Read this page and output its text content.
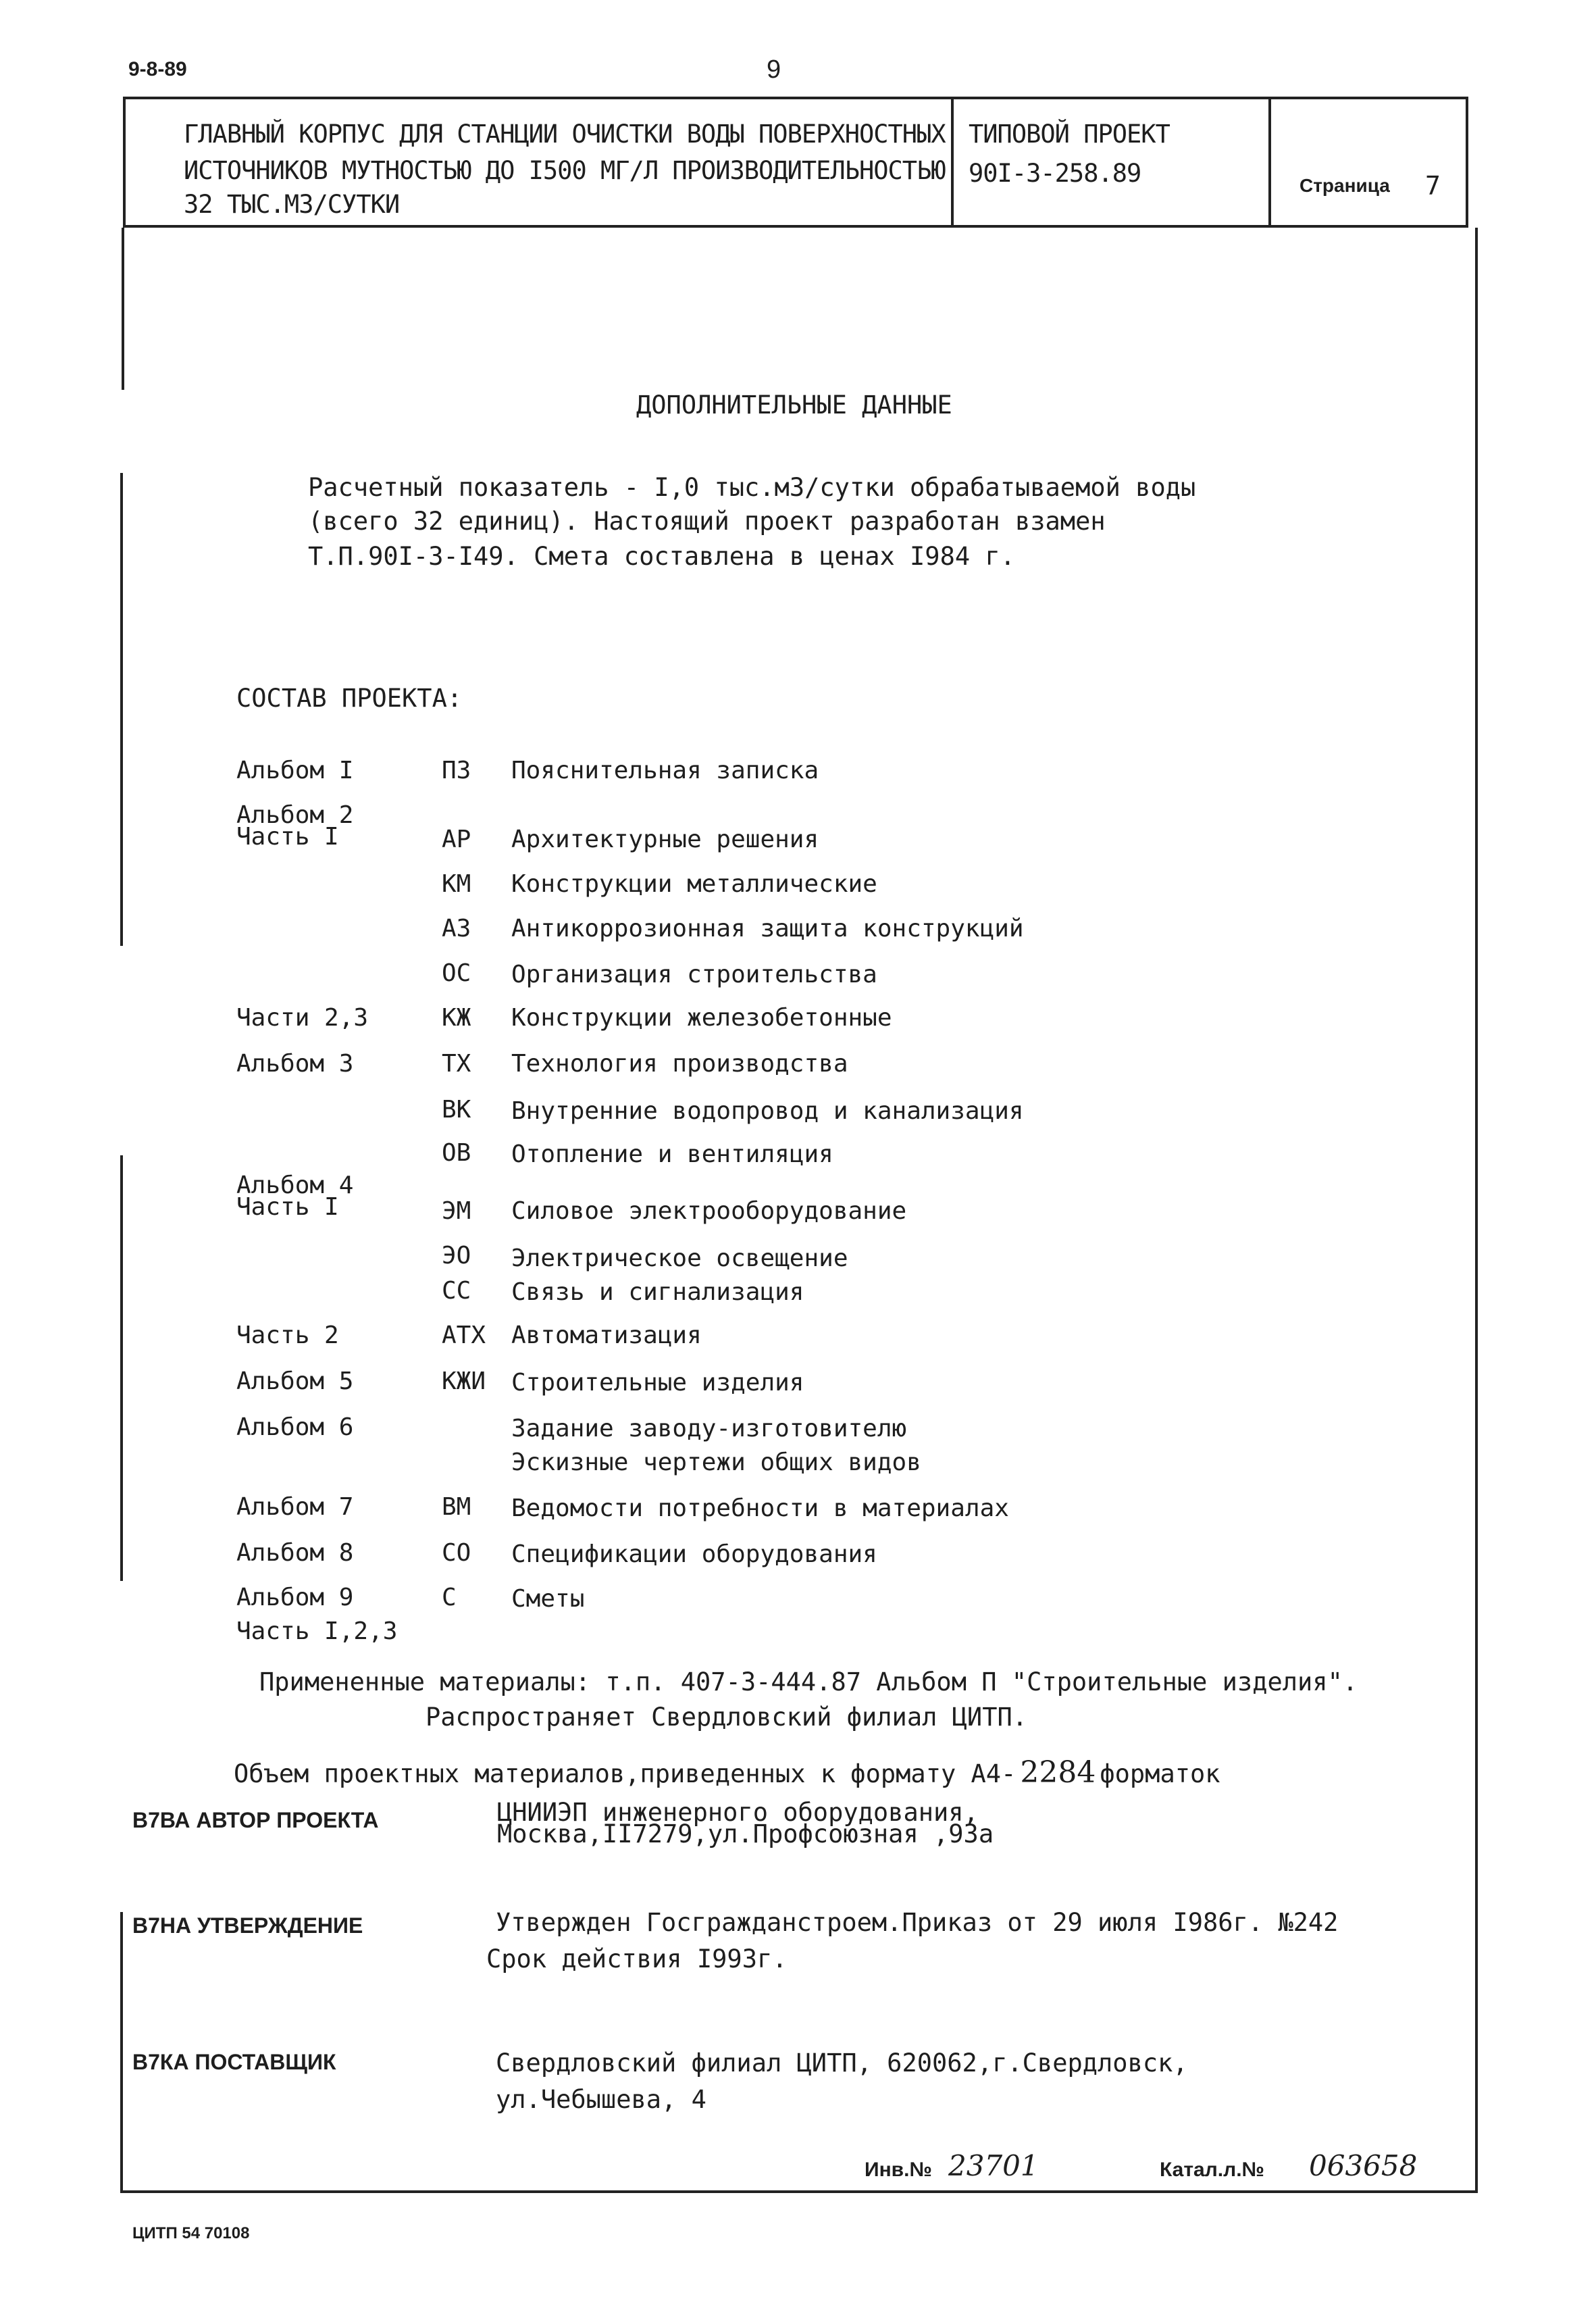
9-8-89	9
ГЛАВНЫЙ КОРПУС ДЛЯ СТАНЦИИ ОЧИСТКИ ВОДЫ ПОВЕРХНОСТНЫХ
ИСТОЧНИКОВ МУТНОСТЬЮ ДО I500 МГ/Л ПРОИЗВОДИТЕЛЬНОСТЬЮ
32 ТЫС.М3/СУТКИ
ТИПОВОЙ ПРОЕКТ
90I-3-258.89	Страница 7
ДОПОЛНИТЕЛЬНЫЕ ДАННЫЕ
Расчетный показатель - I,0 тыс.м3/сутки обрабатываемой воды
(всего 32 единиц). Настоящий проект разработан взамен
Т.П.90I-3-I49. Смета составлена в ценах I984 г.
СОСТАВ ПРОЕКТА:
Альбом I	ПЗ Пояснительная записка
Альбом 2
Часть I	АР Архитектурные решения
КМ Конструкции металлические
АЗ Антикоррозионная защита конструкций
ОС Организация строительства
Части 2,3	КЖ Конструкции железобетонные
Альбом 3	ТХ Технология производства
ВК Внутренние водопровод и канализация
ОВ Отопление и вентиляция
Альбом 4
Часть I	ЭМ Силовое электрооборудование
ЭО Электрическое освещение
СС Связь и сигнализация
Часть 2	АТХ Автоматизация
Альбом 5	КЖИ Строительные изделия
Альбом 6	Задание заводу-изготовителю
Эскизные чертежи общих видов
Альбом 7	ВМ Ведомости потребности в материалах
Альбом 8	СО Спецификации оборудования
Альбом 9	С Сметы
Часть I,2,3
Примененные материалы: т.п. 407-3-444.87 Альбом П "Строительные изделия".
Распространяет Свердловский филиал ЦИТП.
Объем проектных материалов,приведенных к формату А4- 2284 форматок
В7ВА АВТОР ПРОЕКТА	ЦНИИЭП инженерного оборудования,
Москва,II7279,ул.Профсоюзная ,93а
В7НА УТВЕРЖДЕНИЕ	Утвержден Госгражданстроем.Приказ от 29 июля I986г. №242
Срок действия I993г.
В7КА ПОСТАВЩИК	Свердловский филиал ЦИТП, 620062,г.Свердловск,
ул.Чебышева, 4
Инв.№ 23701	Катал.л.№ 063658
ЦИТП 54 70108
